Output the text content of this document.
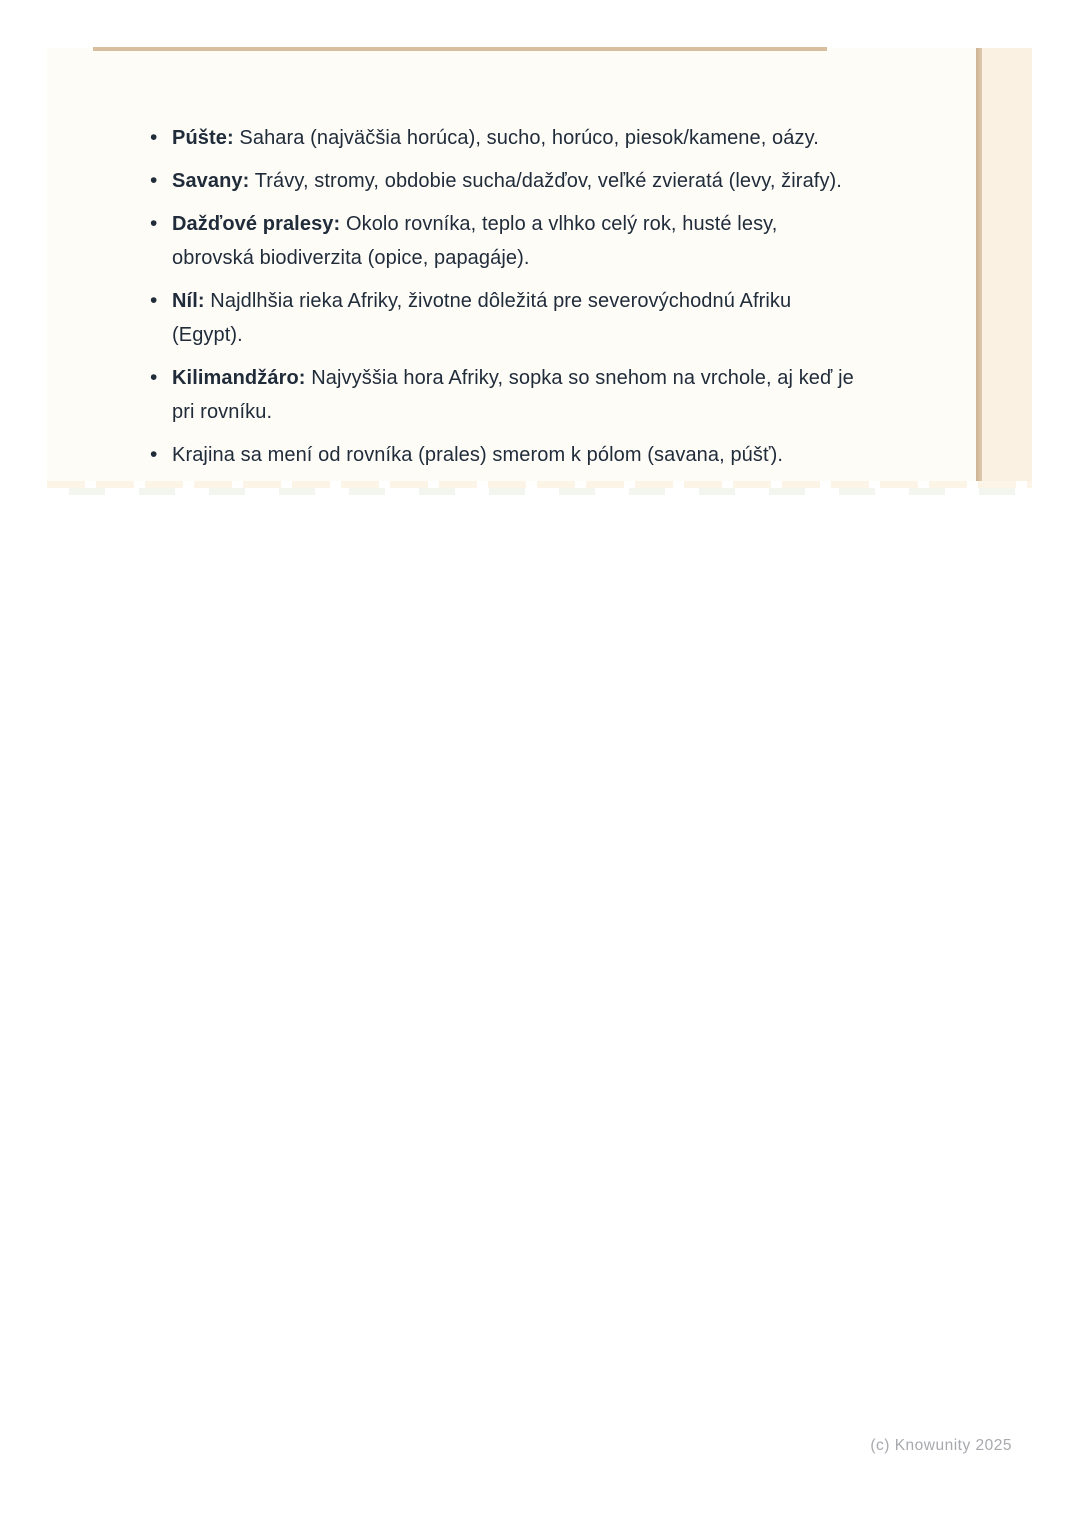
• Púšte: Sahara (najväčšia horúca), sucho, horúco, piesok/kamene, oázy.
• Savany: Trávy, stromy, obdobie sucha/dažďov, veľké zvieratá (levy, žirafy).
• Dažďové pralesy: Okolo rovníka, teplo a vlhko celý rok, husté lesy, obrovská biodiverzita (opice, papagáje).
• Níl: Najdlhšia rieka Afriky, životne dôležitá pre severovýchodnú Afriku (Egypt).
• Kilimandžáro: Najvyššia hora Afriky, sopka so snehom na vrchole, aj keď je pri rovníku.
• Krajina sa mení od rovníka (prales) smerom k pólom (savana, púšť).
(c) Knowunity 2025
